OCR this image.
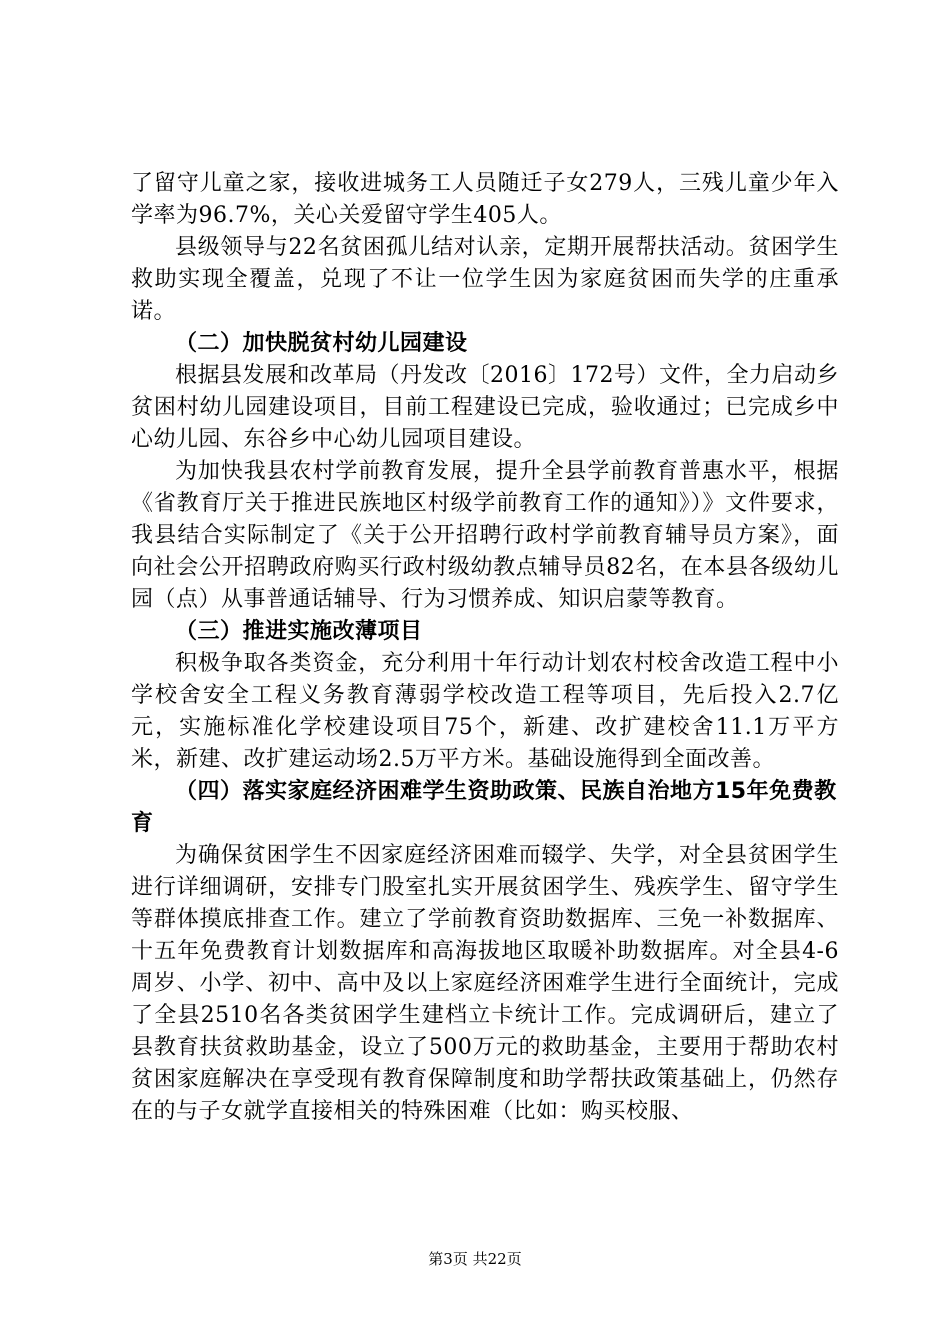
了留守儿童之家，接收进城务工人员随迁子女279人，三残儿童少年入学率为96.7%，关心关爱留守学生405人。

县级领导与22名贫困孤儿结对认亲，定期开展帮扶活动。贫困学生救助实现全覆盖，兑现了不让一位学生因为家庭贫困而失学的庄重承诺。

（二）加快脱贫村幼儿园建设

根据县发展和改革局（丹发改〔2016〕172号）文件，全力启动乡贫困村幼儿园建设项目，目前工程建设已完成，验收通过；已完成乡中心幼儿园、东谷乡中心幼儿园项目建设。

为加快我县农村学前教育发展，提升全县学前教育普惠水平，根据《省教育厅关于推进民族地区村级学前教育工作的通知》）》文件要求，我县结合实际制定了《关于公开招聘行政村学前教育辅导员方案》，面向社会公开招聘政府购买行政村级幼教点辅导员82名，在本县各级幼儿园（点）从事普通话辅导、行为习惯养成、知识启蒙等教育。

（三）推进实施改薄项目

积极争取各类资金，充分利用十年行动计划农村校舍改造工程中小学校舍安全工程义务教育薄弱学校改造工程等项目，先后投入2.7亿元，实施标准化学校建设项目75个，新建、改扩建校舍11.1万平方米，新建、改扩建运动场2.5万平方米。基础设施得到全面改善。

（四）落实家庭经济困难学生资助政策、民族自治地方15年免费教育

为确保贫困学生不因家庭经济困难而辍学、失学，对全县贫困学生进行详细调研，安排专门股室扎实开展贫困学生、残疾学生、留守学生等群体摸底排查工作。建立了学前教育资助数据库、三免一补数据库、十五年免费教育计划数据库和高海拔地区取暖补助数据库。对全县4-6周岁、小学、初中、高中及以上家庭经济困难学生进行全面统计，完成了全县2510名各类贫困学生建档立卡统计工作。完成调研后，建立了县教育扶贫救助基金，设立了500万元的救助基金，主要用于帮助农村贫困家庭解决在享受现有教育保障制度和助学帮扶政策基础上，仍然存在的与子女就学直接相关的特殊困难（比如：购买校服、

第3页 共22页
